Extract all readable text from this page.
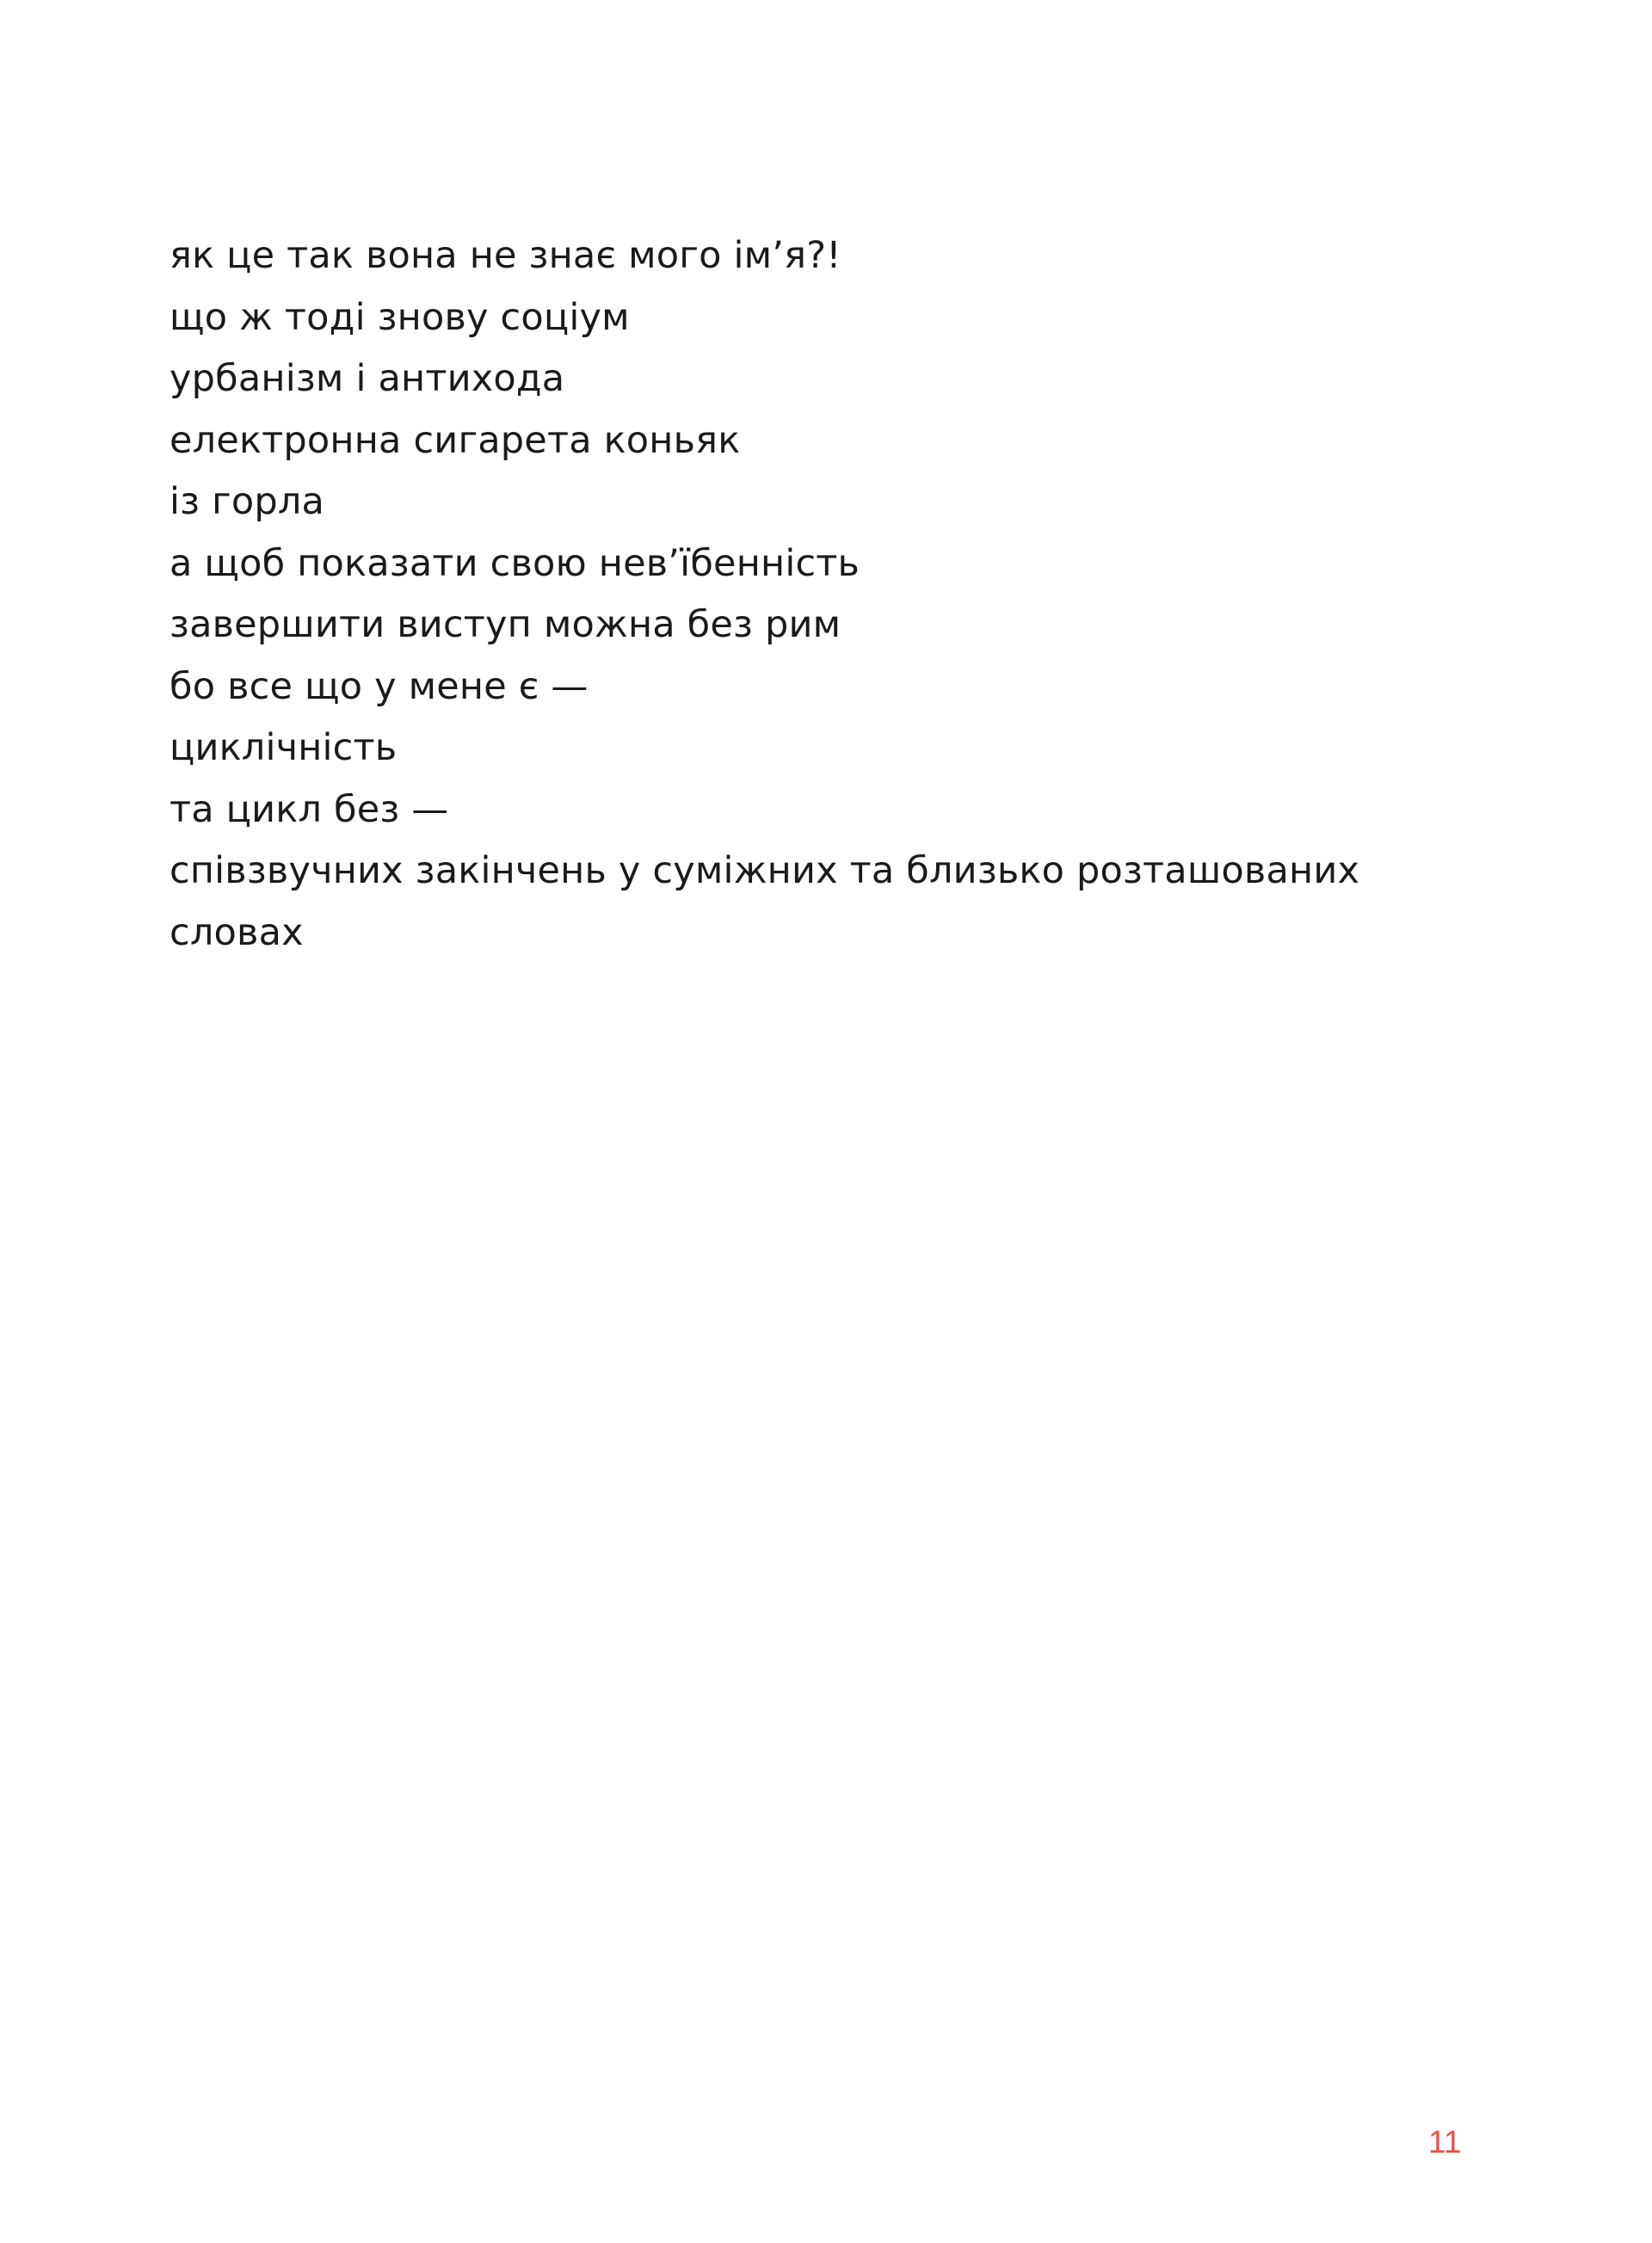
як це так вона не знає мого ім’я?!
що ж тоді знову соціум
урбанізм і антихода
електронна сигарета коньяк
із горла
а щоб показати свою нев’їбенність
завершити виступ можна без рим
бо все що у мене є —
циклічність
та цикл без —
співзвучних закінчень у суміжних та близько розташованих
словах
11
